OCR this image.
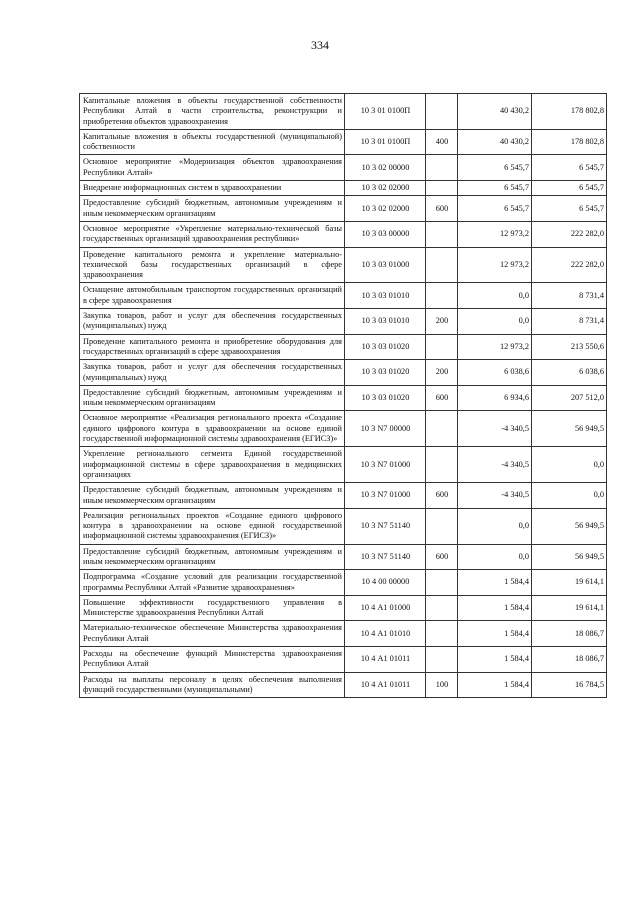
334
Капитальные вложения в объекты государственной собственности Республики Алтай в части строительства, реконструкции и приобретения объектов здравоохранения	10 3 01 0100П		40 430,2	178 802,8
Капитальные вложения в объекты государственной (муниципальной) собственности	10 3 01 0100П	400	40 430,2	178 802,8
Основное мероприятие «Модернизация объектов здравоохранения Республики Алтай»	10 3 02 00000		6 545,7	6 545,7
Внедрение информационных систем в здравоохранении	10 3 02 02000		6 545,7	6 545,7
Предоставление субсидий бюджетным, автономным учреждениям и иным некоммерческим организациям	10 3 02 02000	600	6 545,7	6 545,7
Основное мероприятие «Укрепление материально-технической базы государственных организаций здравоохранения республики»	10 3 03 00000		12 973,2	222 282,0
Проведение капитального ремонта и укрепление материально-технической базы государственных организаций в сфере здравоохранения	10 3 03 01000		12 973,2	222 282,0
Оснащение автомобильным транспортом государственных организаций в сфере здравоохранения	10 3 03 01010		0,0	8 731,4
Закупка товаров, работ и услуг для обеспечения государственных (муниципальных) нужд	10 3 03 01010	200	0,0	8 731,4
Проведение капитального ремонта и приобретение оборудования для государственных организаций в сфере здравоохранения	10 3 03 01020		12 973,2	213 550,6
Закупка товаров, работ и услуг для обеспечения государственных (муниципальных) нужд	10 3 03 01020	200	6 038,6	6 038,6
Предоставление субсидий бюджетным, автономным учреждениям и иным некоммерческим организациям	10 3 03 01020	600	6 934,6	207 512,0
Основное мероприятие «Реализация регионального проекта «Создание единого цифрового контура в здравоохранении на основе единой государственной информационной системы здравоохранения (ЕГИСЗ)»	10 3 N7 00000		-4 340,5	56 949,5
Укрепление регионального сегмента Единой государственной информационной системы в сфере здравоохранения в медицинских организациях	10 3 N7 01000		-4 340,5	0,0
Предоставление субсидий бюджетным, автономным учреждениям и иным некоммерческим организациям	10 3 N7 01000	600	-4 340,5	0,0
Реализация региональных проектов «Создание единого цифрового контура в здравоохранении на основе единой государственной информационной системы здравоохранения (ЕГИСЗ)»	10 3 N7 51140		0,0	56 949,5
Предоставление субсидий бюджетным, автономным учреждениям и иным некоммерческим организациям	10 3 N7 51140	600	0,0	56 949,5
Подпрограмма «Создание условий для реализации государственной программы Республики Алтай «Развитие здравоохранения»	10 4 00 00000		1 584,4	19 614,1
Повышение эффективности государственного управления в Министерстве здравоохранения Республики Алтай	10 4 А1 01000		1 584,4	19 614,1
Материально-техническое обеспечение Министерства здравоохранения Республики Алтай	10 4 А1 01010		1 584,4	18 086,7
Расходы на обеспечение функций Министерства здравоохранения Республики Алтай	10 4 А1 01011		1 584,4	18 086,7
Расходы на выплаты персоналу в целях обеспечения выполнения функций государственными (муниципальными)	10 4 А1 01011	100	1 584,4	16 784,5
